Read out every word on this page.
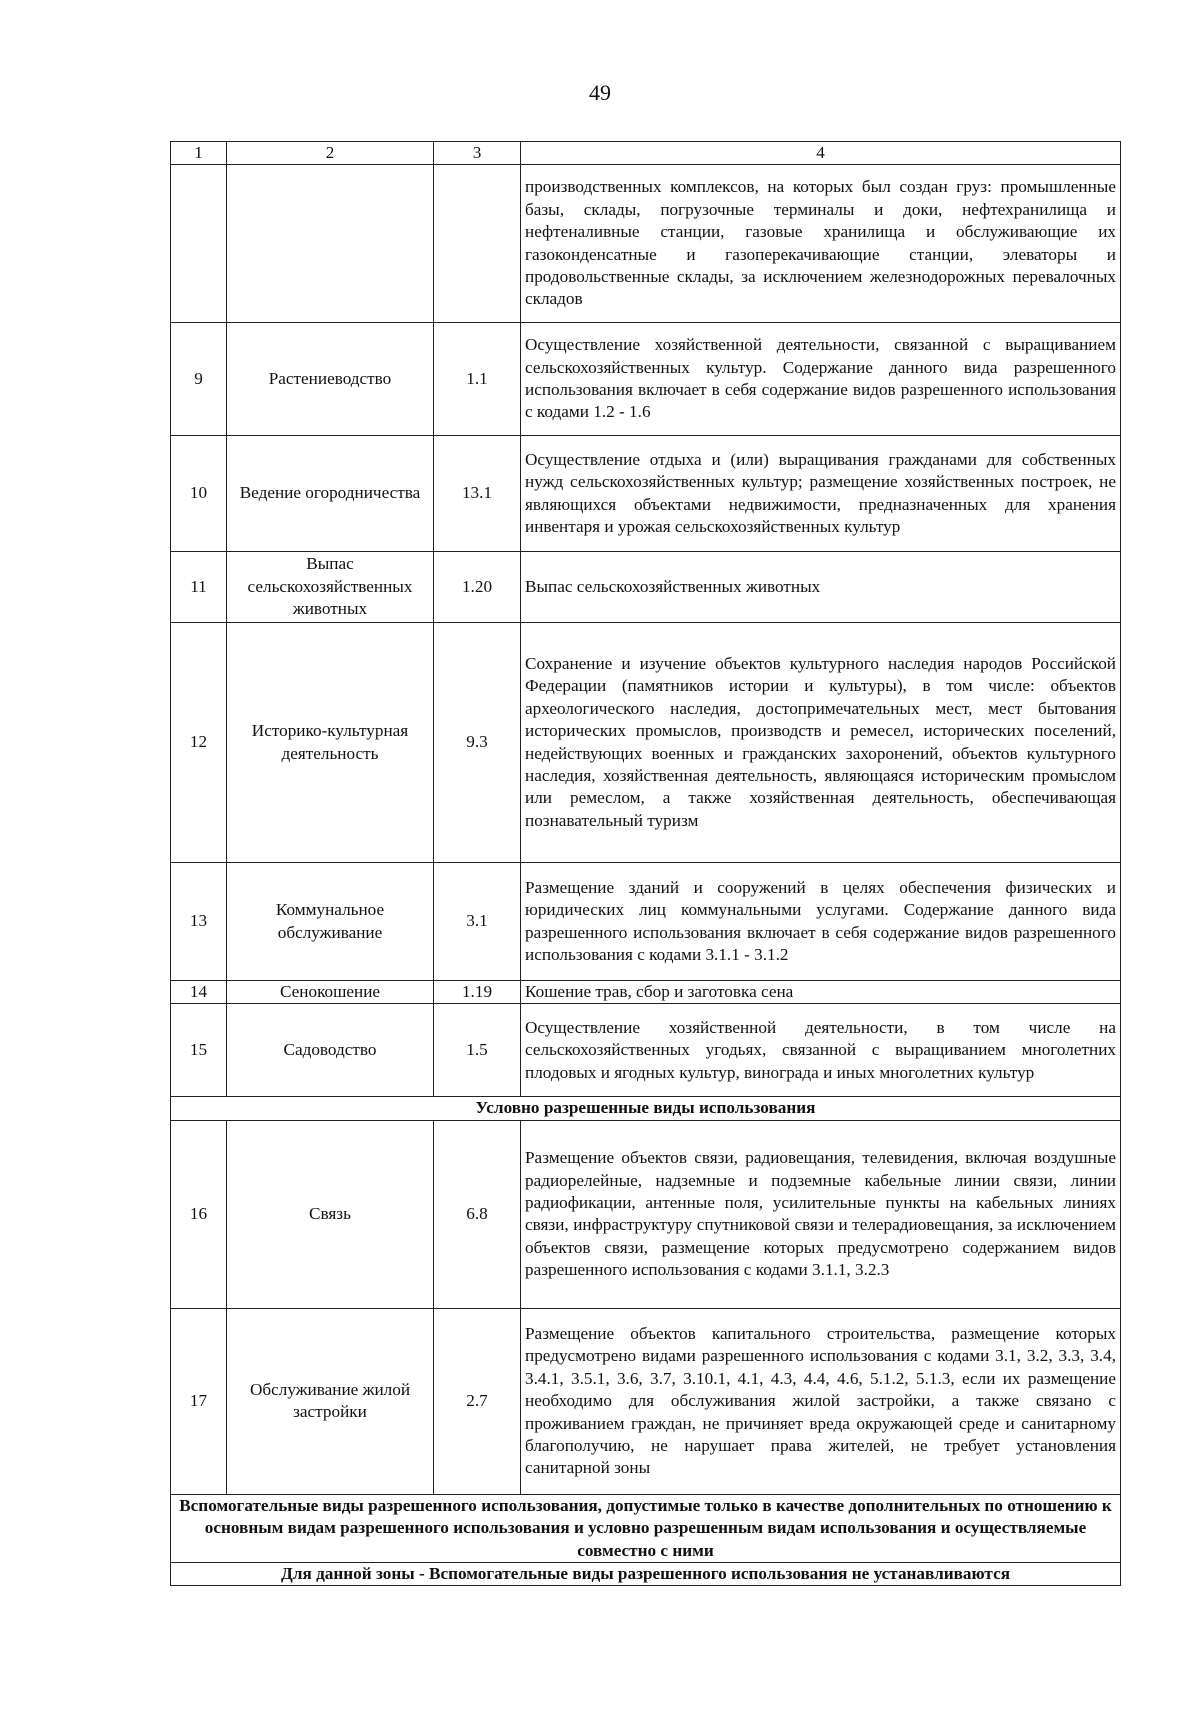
49
1	2	3	4
			производственных комплексов, на которых был создан груз: промышленные базы, склады, погрузочные терминалы и доки, нефтехранилища и нефтеналивные станции, газовые хранилища и обслуживающие их газоконденсатные и газоперекачивающие станции, элеваторы и продовольственные склады, за исключением железнодорожных перевалочных складов
9	Растениеводство	1.1	Осуществление хозяйственной деятельности, связанной с выращиванием сельскохозяйственных культур. Содержание данного вида разрешенного использования включает в себя содержание видов разрешенного использования с кодами 1.2 - 1.6
10	Ведение огородничества	13.1	Осуществление отдыха и (или) выращивания гражданами для собственных нужд сельскохозяйственных культур; размещение хозяйственных построек, не являющихся объектами недвижимости, предназначенных для хранения инвентаря и урожая сельскохозяйственных культур
11	Выпас сельскохозяйственных животных	1.20	Выпас сельскохозяйственных животных
12	Историко-культурная деятельность	9.3	Сохранение и изучение объектов культурного наследия народов Российской Федерации (памятников истории и культуры), в том числе: объектов археологического наследия, достопримечательных мест, мест бытования исторических промыслов, производств и ремесел, исторических поселений, недействующих военных и гражданских захоронений, объектов культурного наследия, хозяйственная деятельность, являющаяся историческим промыслом или ремеслом, а также хозяйственная деятельность, обеспечивающая познавательный туризм
13	Коммунальное обслуживание	3.1	Размещение зданий и сооружений в целях обеспечения физических и юридических лиц коммунальными услугами. Содержание данного вида разрешенного использования включает в себя содержание видов разрешенного использования с кодами 3.1.1 - 3.1.2
14	Сенокошение	1.19	Кошение трав, сбор и заготовка сена
15	Садоводство	1.5	Осуществление хозяйственной деятельности, в том числе на сельскохозяйственных угодьях, связанной с выращиванием многолетних плодовых и ягодных культур, винограда и иных многолетних культур
Условно разрешенные виды использования			
16	Связь	6.8	Размещение объектов связи, радиовещания, телевидения, включая воздушные радиорелейные, надземные и подземные кабельные линии связи, линии радиофикации, антенные поля, усилительные пункты на кабельных линиях связи, инфраструктуру спутниковой связи и телерадиовещания, за исключением объектов связи, размещение которых предусмотрено содержанием видов разрешенного использования с кодами 3.1.1, 3.2.3
17	Обслуживание жилой застройки	2.7	Размещение объектов капитального строительства, размещение которых предусмотрено видами разрешенного использования с кодами 3.1, 3.2, 3.3, 3.4, 3.4.1, 3.5.1, 3.6, 3.7, 3.10.1, 4.1, 4.3, 4.4, 4.6, 5.1.2, 5.1.3, если их размещение необходимо для обслуживания жилой застройки, а также связано с проживанием граждан, не причиняет вреда окружающей среде и санитарному благополучию, не нарушает права жителей, не требует установления санитарной зоны
Вспомогательные виды разрешенного использования, допустимые только в качестве дополнительных по отношению к основным видам разрешенного использования и условно разрешенным видам использования и осуществляемые совместно с ними			
Для данной зоны - Вспомогательные виды разрешенного использования не устанавливаются			
